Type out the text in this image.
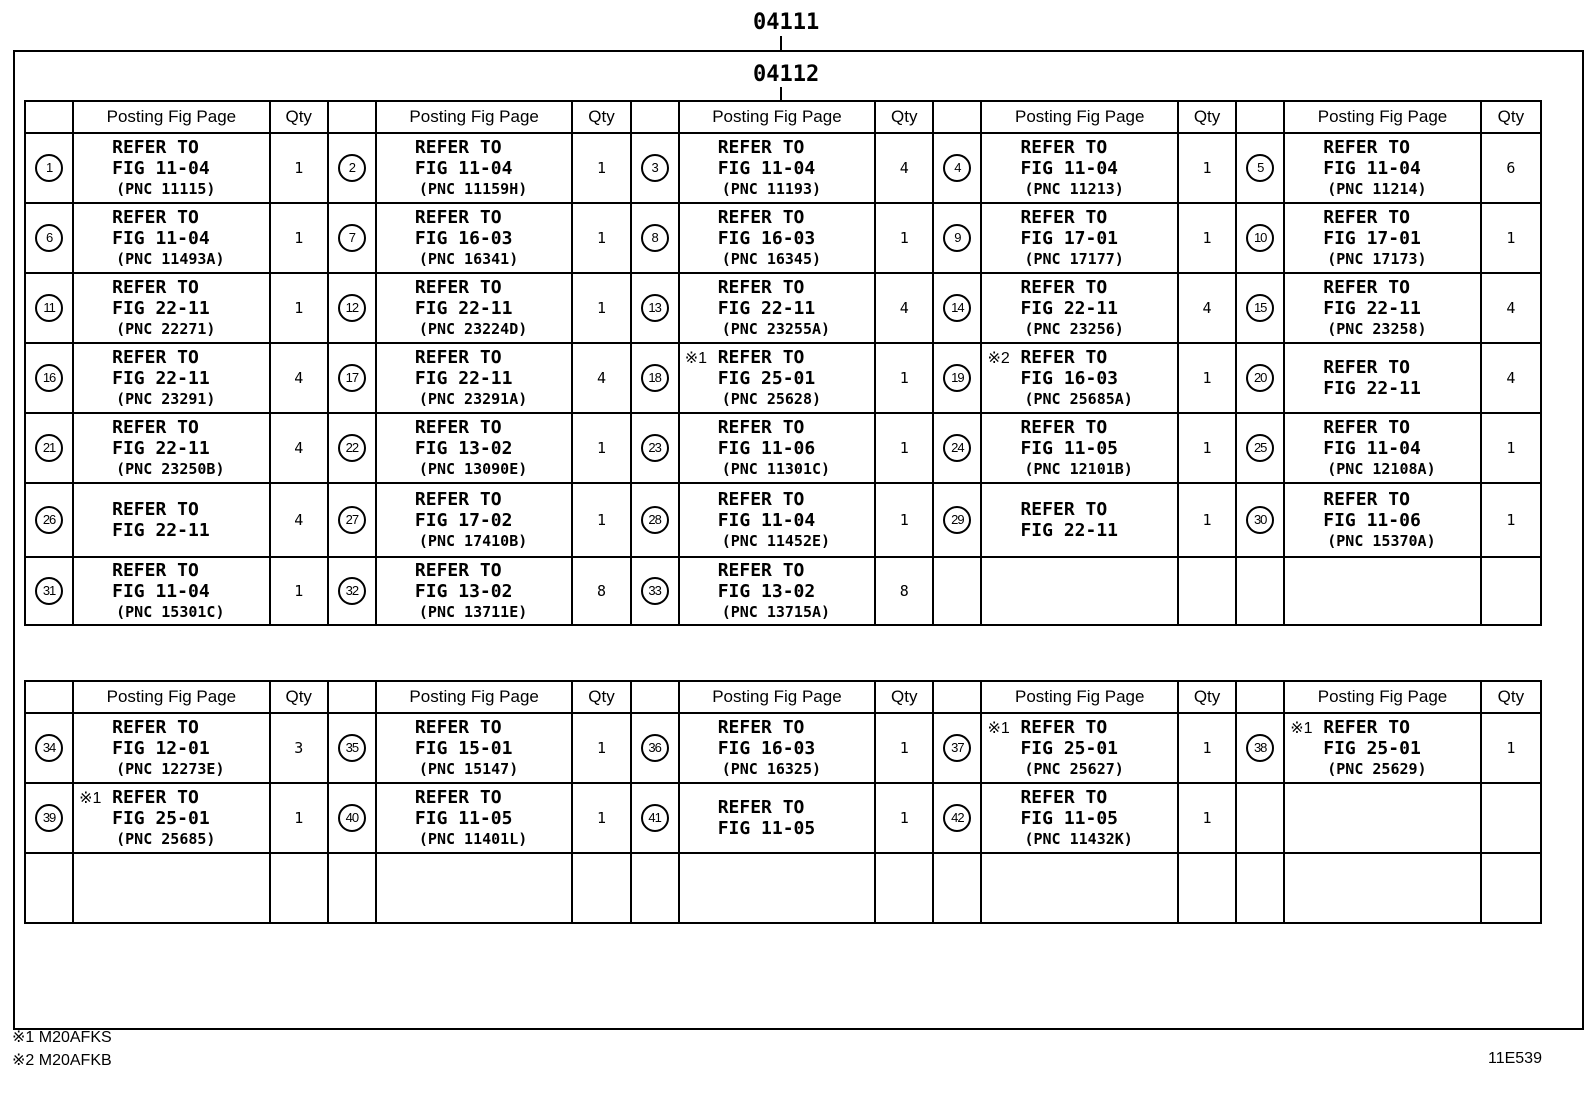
04111
04112
	Posting Fig Page	Qty		Posting Fig Page	Qty		Posting Fig Page	Qty		Posting Fig Page	Qty		Posting Fig Page	Qty
1	REFER TO
FIG 11-04
(PNC 11115)	1	2	REFER TO
FIG 11-04
(PNC 11159H)	1	3	REFER TO
FIG 11-04
(PNC 11193)	4	4	REFER TO
FIG 11-04
(PNC 11213)	1	5	REFER TO
FIG 11-04
(PNC 11214)	6
6	REFER TO
FIG 11-04
(PNC 11493A)	1	7	REFER TO
FIG 16-03
(PNC 16341)	1	8	REFER TO
FIG 16-03
(PNC 16345)	1	9	REFER TO
FIG 17-01
(PNC 17177)	1	10	REFER TO
FIG 17-01
(PNC 17173)	1
11	REFER TO
FIG 22-11
(PNC 22271)	1	12	REFER TO
FIG 22-11
(PNC 23224D)	1	13	REFER TO
FIG 22-11
(PNC 23255A)	4	14	REFER TO
FIG 22-11
(PNC 23256)	4	15	REFER TO
FIG 22-11
(PNC 23258)	4
16	REFER TO
FIG 22-11
(PNC 23291)	4	17	REFER TO
FIG 22-11
(PNC 23291A)	4	18	※1 REFER TO
FIG 25-01
(PNC 25628)	1	19	※2 REFER TO
FIG 16-03
(PNC 25685A)	1	20	REFER TO
FIG 22-11	4
21	REFER TO
FIG 22-11
(PNC 23250B)	4	22	REFER TO
FIG 13-02
(PNC 13090E)	1	23	REFER TO
FIG 11-06
(PNC 11301C)	1	24	REFER TO
FIG 11-05
(PNC 12101B)	1	25	REFER TO
FIG 11-04
(PNC 12108A)	1
26	REFER TO
FIG 22-11	4	27	REFER TO
FIG 17-02
(PNC 17410B)	1	28	REFER TO
FIG 11-04
(PNC 11452E)	1	29	REFER TO
FIG 22-11	1	30	REFER TO
FIG 11-06
(PNC 15370A)	1
31	REFER TO
FIG 11-04
(PNC 15301C)	1	32	REFER TO
FIG 13-02
(PNC 13711E)	8	33	REFER TO
FIG 13-02
(PNC 13715A)	8						
	Posting Fig Page	Qty		Posting Fig Page	Qty		Posting Fig Page	Qty		Posting Fig Page	Qty		Posting Fig Page	Qty
34	REFER TO
FIG 12-01
(PNC 12273E)	3	35	REFER TO
FIG 15-01
(PNC 15147)	1	36	REFER TO
FIG 16-03
(PNC 16325)	1	37	※1 REFER TO
FIG 25-01
(PNC 25627)	1	38	※1 REFER TO
FIG 25-01
(PNC 25629)	1
39	※1 REFER TO
FIG 25-01
(PNC 25685)	1	40	REFER TO
FIG 11-05
(PNC 11401L)	1	41	REFER TO
FIG 11-05	1	42	REFER TO
FIG 11-05
(PNC 11432K)	1			

※1 M20AFKS
※2 M20AFKB	11E539
